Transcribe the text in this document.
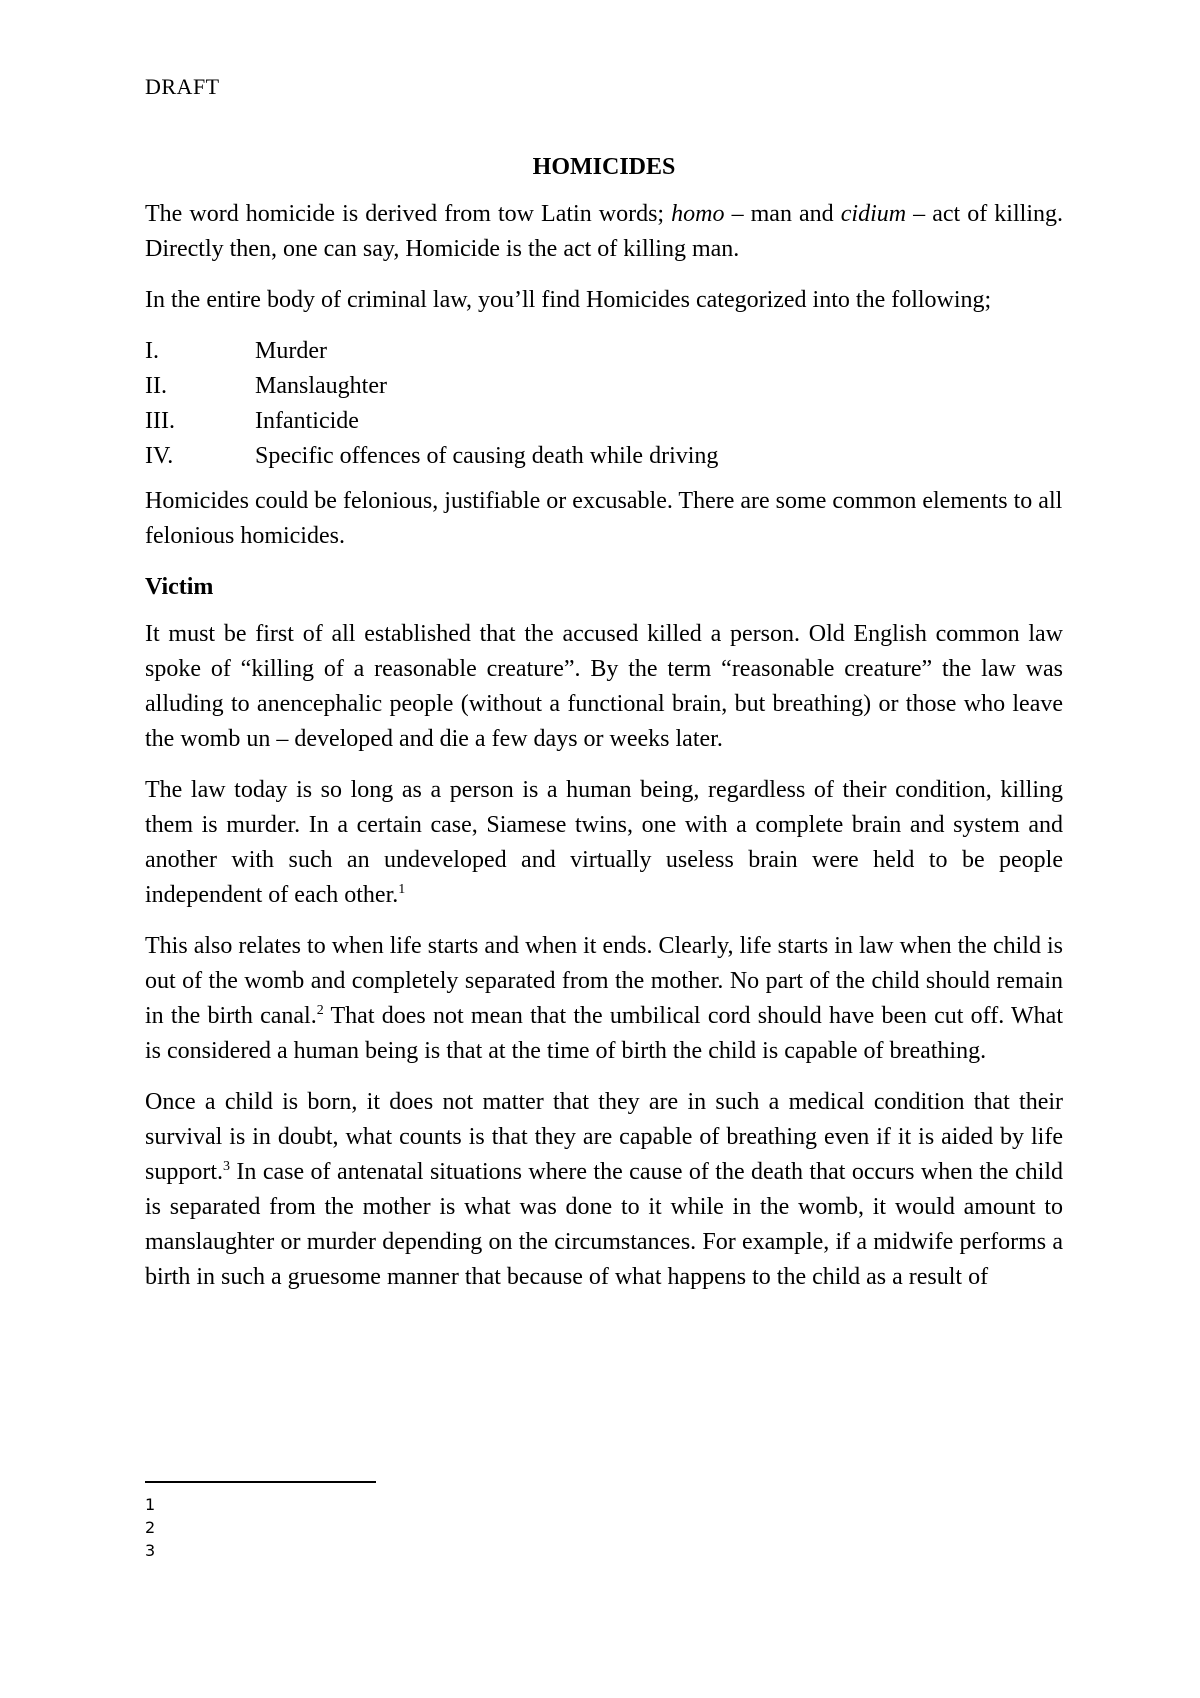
DRAFT
HOMICIDES

The word homicide is derived from tow Latin words; homo – man and cidium – act of killing. Directly then, one can say, Homicide is the act of killing man.

In the entire body of criminal law, you’ll find Homicides categorized into the following;

I.	Murder
II.	Manslaughter
III.	Infanticide
IV.	Specific offences of causing death while driving

Homicides could be felonious, justifiable or excusable. There are some common elements to all felonious homicides.

Victim

It must be first of all established that the accused killed a person. Old English common law spoke of “killing of a reasonable creature”. By the term “reasonable creature” the law was alluding to anencephalic people (without a functional brain, but breathing) or those who leave the womb un – developed and die a few days or weeks later.

The law today is so long as a person is a human being, regardless of their condition, killing them is murder. In a certain case, Siamese twins, one with a complete brain and system and another with such an undeveloped and virtually useless brain were held to be people independent of each other.$^1$

This also relates to when life starts and when it ends. Clearly, life starts in law when the child is out of the womb and completely separated from the mother. No part of the child should remain in the birth canal.$^2$ That does not mean that the umbilical cord should have been cut off. What is considered a human being is that at the time of birth the child is capable of breathing.

Once a child is born, it does not matter that they are in such a medical condition that their survival is in doubt, what counts is that they are capable of breathing even if it is aided by life support.$^3$ In case of antenatal situations where the cause of the death that occurs when the child is separated from the mother is what was done to it while in the womb, it would amount to manslaughter or murder depending on the circumstances. For example, if a midwife performs a birth in such a gruesome manner that because of what happens to the child as a result of

1
2
3
